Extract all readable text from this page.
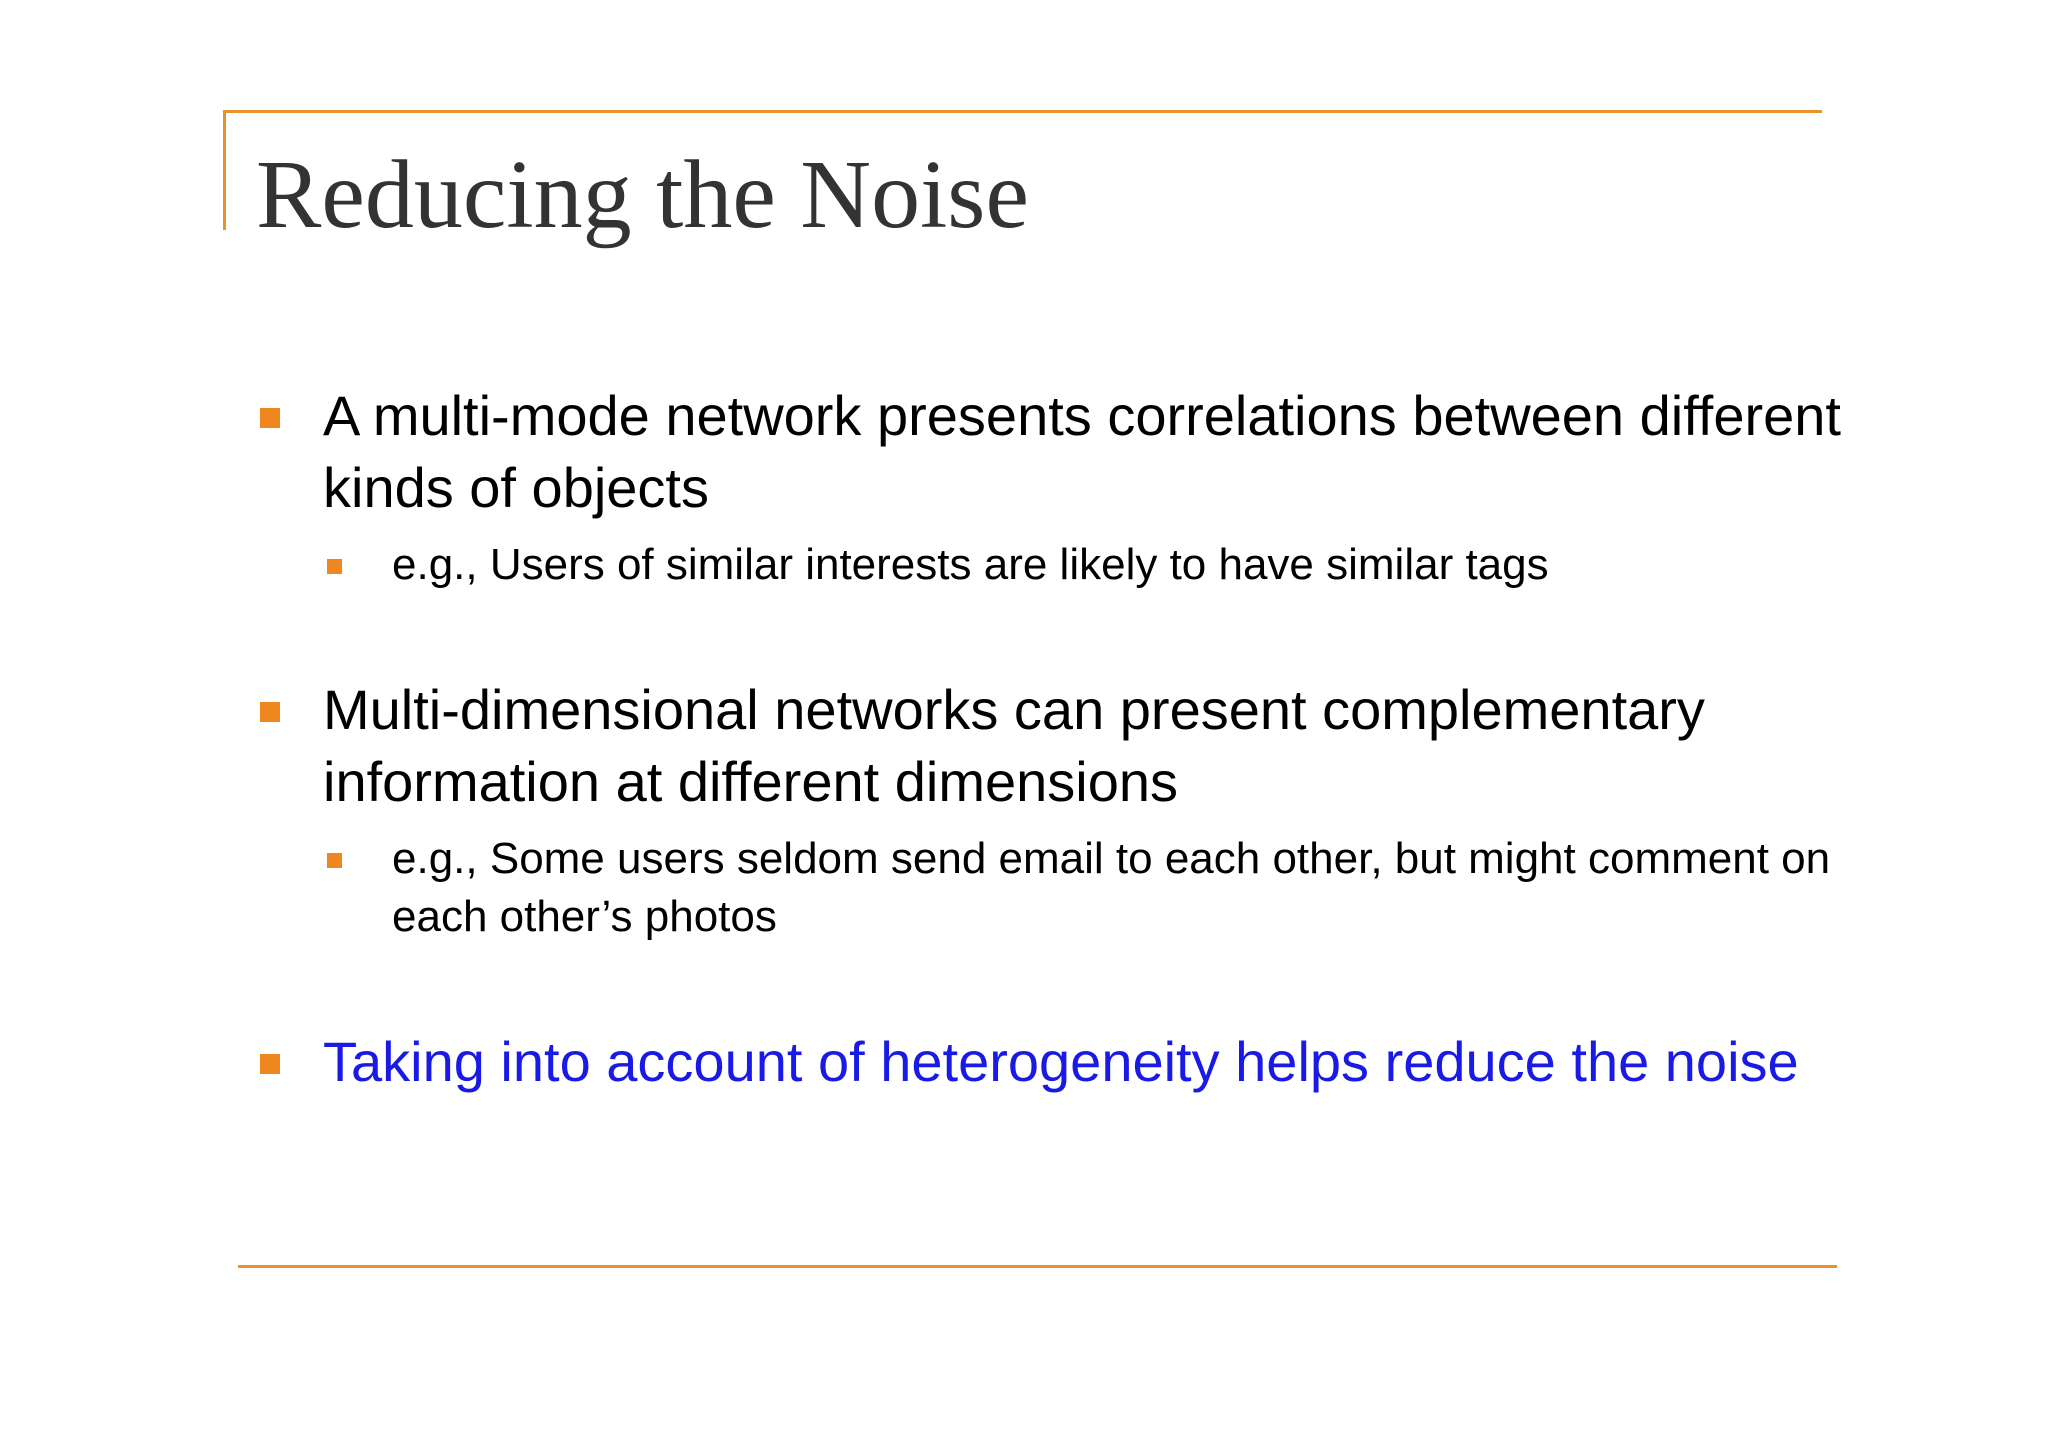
Reducing the Noise
A multi-mode network presents correlations between different kinds of objects
e.g., Users of similar interests are likely to have similar tags
Multi-dimensional networks can present complementary information at different dimensions
e.g., Some users seldom send email to each other, but might comment on each other’s photos
Taking into account of heterogeneity helps reduce the noise
